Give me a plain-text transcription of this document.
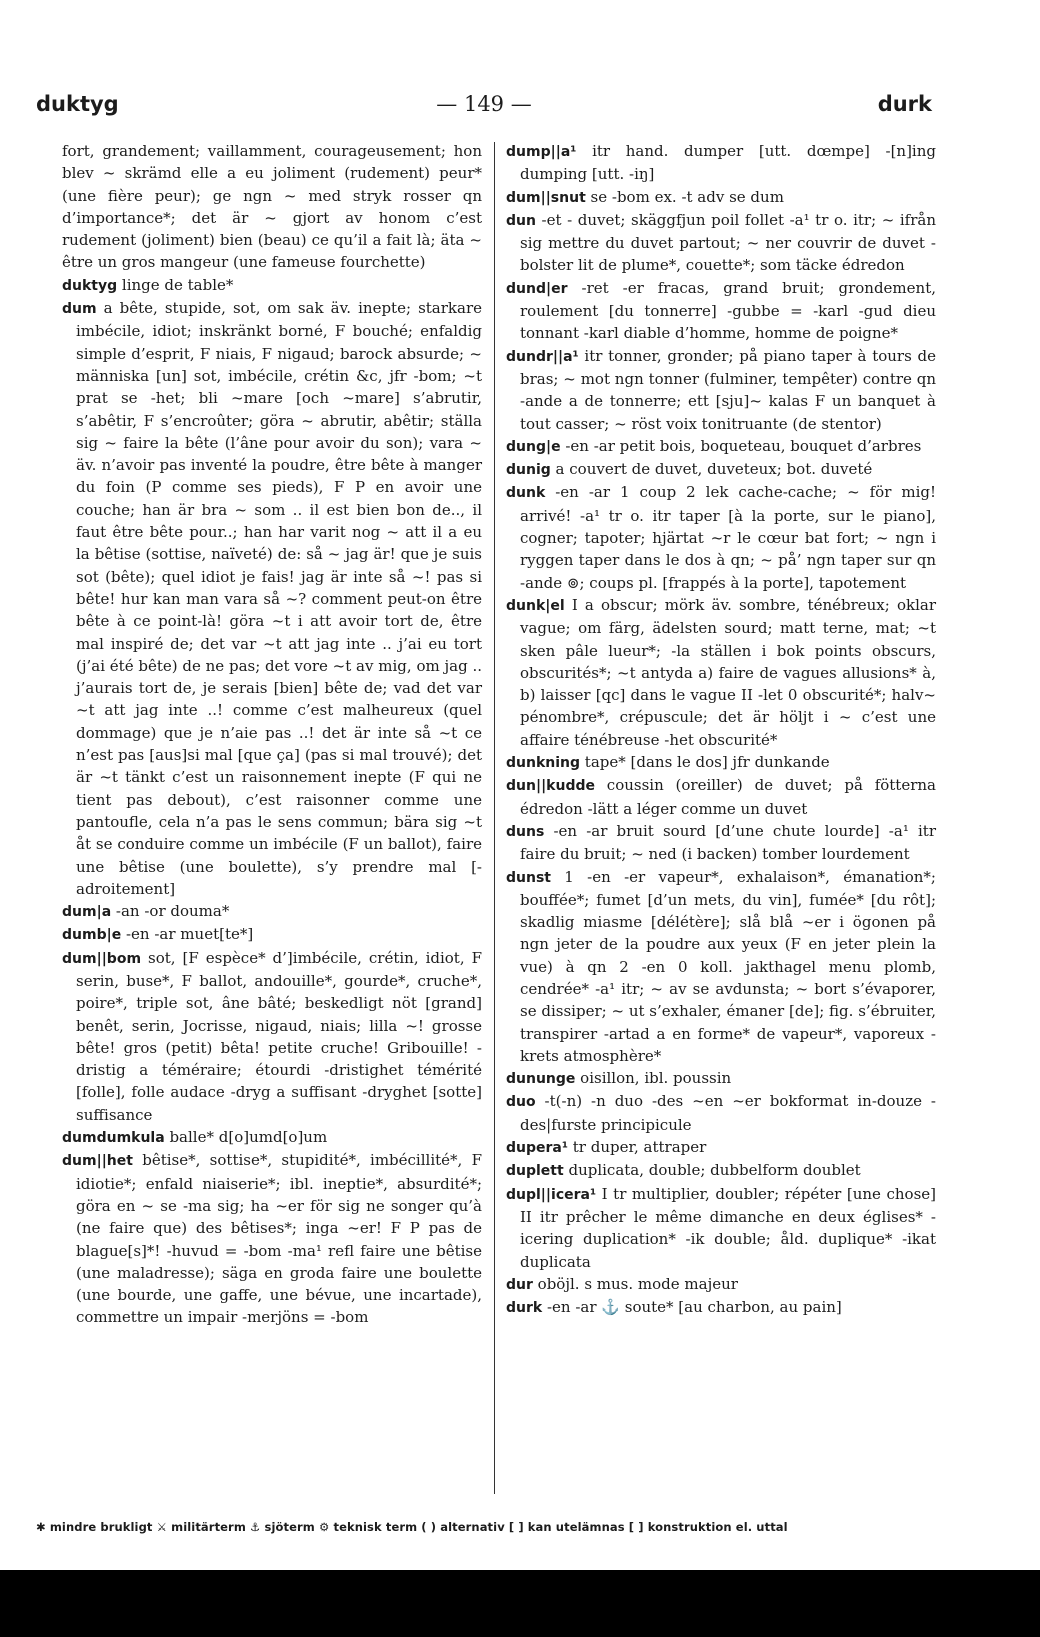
duktyg	— 149 —	durk
fort, grandement; vaillamment, courageusement; hon blev ~ skrämd elle a eu joliment (rudement) peur* (une fière peur); ge ngn ~ med stryk rosser qn d’importance*; det är ~ gjort av honom c’est rudement (joliment) bien (beau) ce qu’il a fait là; äta ~ être un gros mangeur (une fameuse fourchette)
duktyg linge de table*
dum a bête, stupide, sot, om sak äv. inepte; starkare imbécile, idiot; inskränkt borné, F bouché; enfaldig simple d’esprit, F niais, F nigaud; barock absurde; ~ människa [un] sot, imbécile, crétin &c, jfr -bom; ~t prat se -het; bli ~mare [och ~mare] s’abrutir, s’abêtir, F s’encroûter; göra ~ abrutir, abêtir; ställa sig ~ faire la bête (l’âne pour avoir du son); vara ~ äv. n’avoir pas inventé la poudre, être bête à manger du foin (P comme ses pieds), F P en avoir une couche; han är bra ~ som .. il est bien bon de.., il faut être bête pour..; han har varit nog ~ att il a eu la bêtise (sottise, naïveté) de: så ~ jag är! que je suis sot (bête); quel idiot je fais! jag är inte så ~! pas si bête! hur kan man vara så ~? comment peut-on être bête à ce point-là! göra ~t i att avoir tort de, être mal inspiré de; det var ~t att jag inte .. j’ai eu tort (j’ai été bête) de ne pas; det vore ~t av mig, om jag .. j’aurais tort de, je serais [bien] bête de; vad det var ~t att jag inte ..! comme c’est malheureux (quel dommage) que je n’aie pas ..! det är inte så ~t ce n’est pas [aus]si mal [que ça] (pas si mal trouvé); det är ~t tänkt c’est un raisonnement inepte (F qui ne tient pas debout), c’est raisonner comme une pantoufle, cela n’a pas le sens commun; bära sig ~t åt se conduire comme un imbécile (F un ballot), faire une bêtise (une boulette), s’y prendre mal [-adroitement]
dum|a -an -or douma*
dumb|e -en -ar muet[te*]
dum||bom sot, [F espèce* d’]imbécile, crétin, idiot, F serin, buse*, F ballot, andouille*, gourde*, cruche*, poire*, triple sot, âne bâté; beskedligt nöt [grand] benêt, serin, Jocrisse, nigaud, niais; lilla ~! grosse bête! gros (petit) bêta! petite cruche! Gribouille! -dristig a téméraire; étourdi -dristighet témérité [folle], folle audace -dryg a suffisant -dryghet [sotte] suffisance
dumdumkula balle* d[o]umd[o]um
dum||het bêtise*, sottise*, stupidité*, imbécillité*, F idiotie*; enfald niaiserie*; ibl. ineptie*, absurdité*; göra en ~ se -ma sig; ha ~er för sig ne songer qu’à (ne faire que) des bêtises*; inga ~er! F P pas de blague[s]*! -huvud = -bom -ma¹ refl faire une bêtise (une maladresse); säga en groda faire une boulette (une bourde, une gaffe, une bévue, une incartade), commettre un impair -merjöns = -bom
dump||a¹ itr hand. dumper [utt. dœmpe] -[n]ing dumping [utt. -iŋ]
dum||snut se -bom ex. -t adv se dum
dun -et - duvet; skäggfjun poil follet -a¹ tr o. itr; ~ ifrån sig mettre du duvet partout; ~ ner couvrir de duvet -bolster lit de plume*, couette*; som täcke édredon
dund|er -ret -er fracas, grand bruit; grondement, roulement [du tonnerre] -gubbe = -karl -gud dieu tonnant -karl diable d’homme, homme de poigne*
dundr||a¹ itr tonner, gronder; på piano taper à tours de bras; ~ mot ngn tonner (fulminer, tempêter) contre qn -ande a de tonnerre; ett [sju]~ kalas F un banquet à tout casser; ~ röst voix tonitruante (de stentor)
dung|e -en -ar petit bois, boqueteau, bouquet d’arbres
dunig a couvert de duvet, duveteux; bot. duveté
dunk -en -ar 1 coup 2 lek cache-cache; ~ för mig! arrivé! -a¹ tr o. itr taper [à la porte, sur le piano], cogner; tapoter; hjärtat ~r le cœur bat fort; ~ ngn i ryggen taper dans le dos à qn; ~ på’ ngn taper sur qn -ande ⊚; coups pl. [frappés à la porte], tapotement
dunk|el I a obscur; mörk äv. sombre, ténébreux; oklar vague; om färg, ädelsten sourd; matt terne, mat; ~t sken pâle lueur*; -la ställen i bok points obscurs, obscurités*; ~t antyda a) faire de vagues allusions* à, b) laisser [qc] dans le vague II -let 0 obscurité*; halv~ pénombre*, crépuscule; det är höljt i ~ c’est une affaire ténébreuse -het obscurité*
dunkning tape* [dans le dos] jfr dunkande
dun||kudde coussin (oreiller) de duvet; på fötterna édredon -lätt a léger comme un duvet
duns -en -ar bruit sourd [d’une chute lourde] -a¹ itr faire du bruit; ~ ned (i backen) tomber lourdement
dunst 1 -en -er vapeur*, exhalaison*, émanation*; bouffée*; fumet [d’un mets, du vin], fumée* [du rôt]; skadlig miasme [délétère]; slå blå ~er i ögonen på ngn jeter de la poudre aux yeux (F en jeter plein la vue) à qn 2 -en 0 koll. jakthagel menu plomb, cendrée* -a¹ itr; ~ av se avdunsta; ~ bort s’évaporer, se dissiper; ~ ut s’exhaler, émaner [de]; fig. s’ébruiter, transpirer -artad a en forme* de vapeur*, vaporeux -krets atmosphère*
dununge oisillon, ibl. poussin
duo -t(-n) -n duo -des ~en ~er bokformat in-douze -des|furste principicule
dupera¹ tr duper, attraper
duplett duplicata, double; dubbelform doublet
dupl||icera¹ I tr multiplier, doubler; répéter [une chose] II itr prêcher le même dimanche en deux églises* -icering duplication* -ik double; åld. duplique* -ikat duplicata
dur oböjl. s mus. mode majeur
durk -en -ar ⚓ soute* [au charbon, au pain]
✱ mindre brukligt ⚔ militärterm ⚓ sjöterm ⚙ teknisk term ( ) alternativ [ ] kan utelämnas [ ] konstruktion el. uttal
